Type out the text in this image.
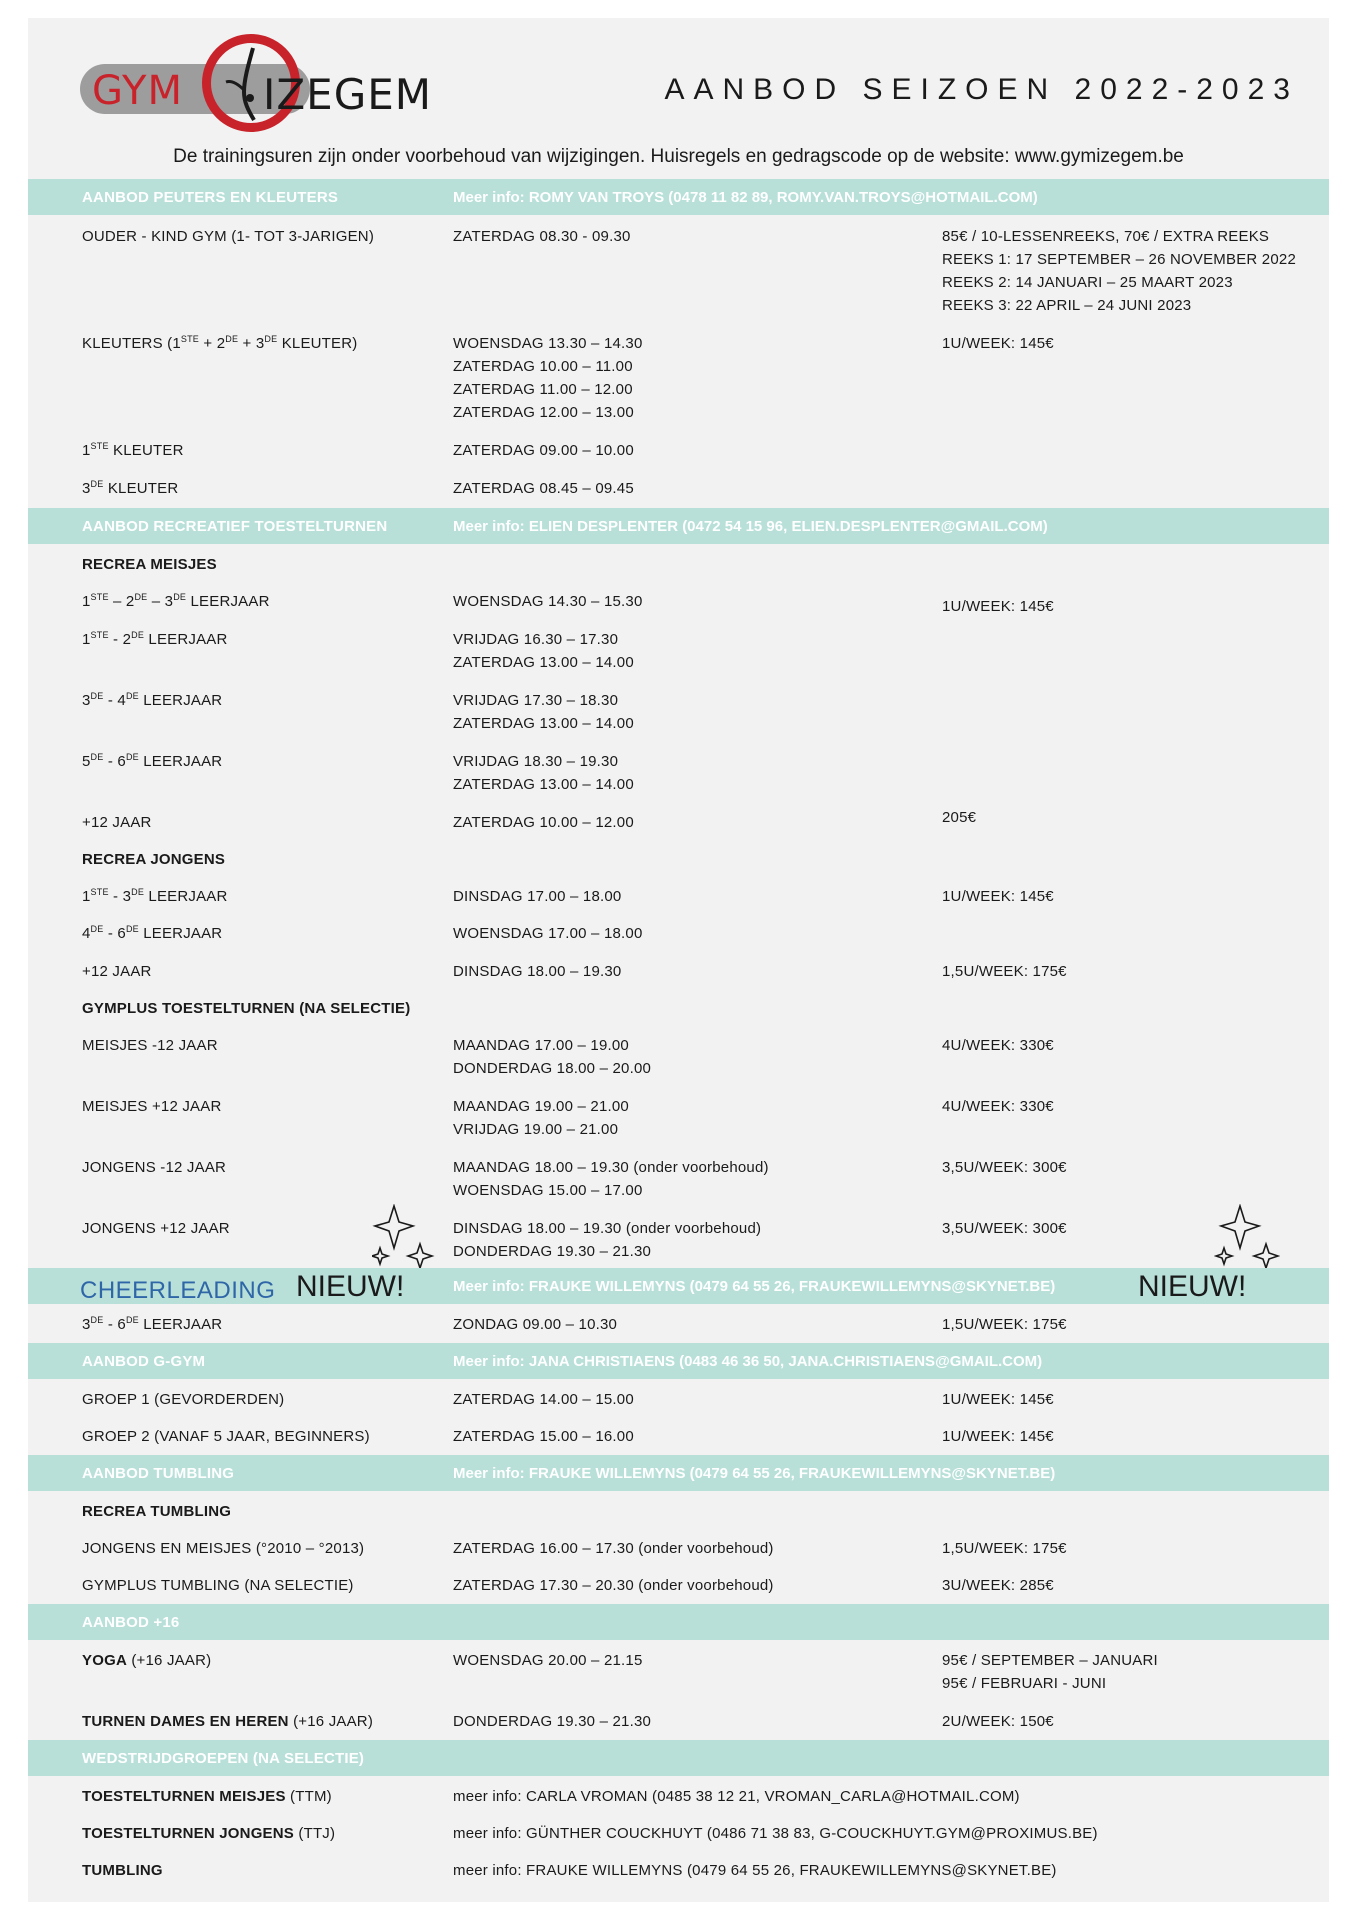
GYM IZEGEM	AANBOD SEIZOEN 2022-2023
De trainingsuren zijn onder voorbehoud van wijzigingen. Huisregels en gedragscode op de website: www.gymizegem.be
AANBOD PEUTERS EN KLEUTERS	Meer info: ROMY VAN TROYS (0478 11 82 89, ROMY.VAN.TROYS@HOTMAIL.COM)
OUDER - KIND GYM (1- TOT 3-JARIGEN)	ZATERDAG 08.30 - 09.30	85€ / 10-LESSENREEKS, 70€ / EXTRA REEKS
REEKS 1: 17 SEPTEMBER – 26 NOVEMBER 2022
REEKS 2: 14 JANUARI – 25 MAART 2023
REEKS 3: 22 APRIL – 24 JUNI 2023
KLEUTERS (1STE + 2DE + 3DE KLEUTER)	WOENSDAG 13.30 – 14.30
ZATERDAG 10.00 – 11.00
ZATERDAG 11.00 – 12.00
ZATERDAG 12.00 – 13.00
1U/WEEK: 145€
1STE KLEUTER	ZATERDAG 09.00 – 10.00
3DE KLEUTER	ZATERDAG 08.45 – 09.45
AANBOD RECREATIEF TOESTELTURNEN	Meer info: ELIEN DESPLENTER (0472 54 15 96, ELIEN.DESPLENTER@GMAIL.COM)
RECREA MEISJES
1STE – 2DE – 3DE LEERJAAR	WOENSDAG 14.30 – 15.30	1U/WEEK: 145€
1STE - 2DE LEERJAAR	VRIJDAG 16.30 – 17.30
ZATERDAG 13.00 – 14.00
3DE - 4DE LEERJAAR	VRIJDAG 17.30 – 18.30
ZATERDAG 13.00 – 14.00
5DE - 6DE LEERJAAR	VRIJDAG 18.30 – 19.30
ZATERDAG 13.00 – 14.00
+12 JAAR	ZATERDAG 10.00 – 12.00	205€
RECREA JONGENS
1STE - 3DE LEERJAAR	DINSDAG 17.00 – 18.00	1U/WEEK: 145€
4DE - 6DE LEERJAAR	WOENSDAG 17.00 – 18.00
+12 JAAR	DINSDAG 18.00 – 19.30	1,5U/WEEK: 175€
GYMPLUS TOESTELTURNEN (NA SELECTIE)
MEISJES -12 JAAR	MAANDAG 17.00 – 19.00
DONDERDAG 18.00 – 20.00
4U/WEEK: 330€
MEISJES +12 JAAR	MAANDAG 19.00 – 21.00
VRIJDAG 19.00 – 21.00
4U/WEEK: 330€
JONGENS -12 JAAR	MAANDAG 18.00 – 19.30 (onder voorbehoud)
WOENSDAG 15.00 – 17.00
3,5U/WEEK: 300€
JONGENS +12 JAAR	DINSDAG 18.00 – 19.30 (onder voorbehoud)
DONDERDAG 19.30 – 21.30
3,5U/WEEK: 300€
CHEERLEADING NIEUW!	Meer info: FRAUKE WILLEMYNS (0479 64 55 26, FRAUKEWILLEMYNS@SKYNET.BE)	NIEUW!
3DE - 6DE LEERJAAR	ZONDAG 09.00 – 10.30	1,5U/WEEK: 175€
AANBOD G-GYM	Meer info: JANA CHRISTIAENS (0483 46 36 50, JANA.CHRISTIAENS@GMAIL.COM)
GROEP 1 (GEVORDERDEN)	ZATERDAG 14.00 – 15.00	1U/WEEK: 145€
GROEP 2 (VANAF 5 JAAR, BEGINNERS)	ZATERDAG 15.00 – 16.00	1U/WEEK: 145€
AANBOD TUMBLING	Meer info: FRAUKE WILLEMYNS (0479 64 55 26, FRAUKEWILLEMYNS@SKYNET.BE)
RECREA TUMBLING
JONGENS EN MEISJES (°2010 – °2013)	ZATERDAG 16.00 – 17.30 (onder voorbehoud)	1,5U/WEEK: 175€
GYMPLUS TUMBLING (NA SELECTIE)	ZATERDAG 17.30 – 20.30 (onder voorbehoud)	3U/WEEK: 285€
AANBOD +16
YOGA (+16 JAAR)	WOENSDAG 20.00 – 21.15	95€ / SEPTEMBER – JANUARI
95€ / FEBRUARI - JUNI
TURNEN DAMES EN HEREN (+16 JAAR)	DONDERDAG 19.30 – 21.30	2U/WEEK: 150€
WEDSTRIJDGROEPEN (NA SELECTIE)
TOESTELTURNEN MEISJES (TTM)	meer info: CARLA VROMAN (0485 38 12 21, VROMAN_CARLA@HOTMAIL.COM)
TOESTELTURNEN JONGENS (TTJ)	meer info: GÜNTHER COUCKHUYT (0486 71 38 83, G-COUCKHUYT.GYM@PROXIMUS.BE)
TUMBLING	meer info: FRAUKE WILLEMYNS (0479 64 55 26, FRAUKEWILLEMYNS@SKYNET.BE)
